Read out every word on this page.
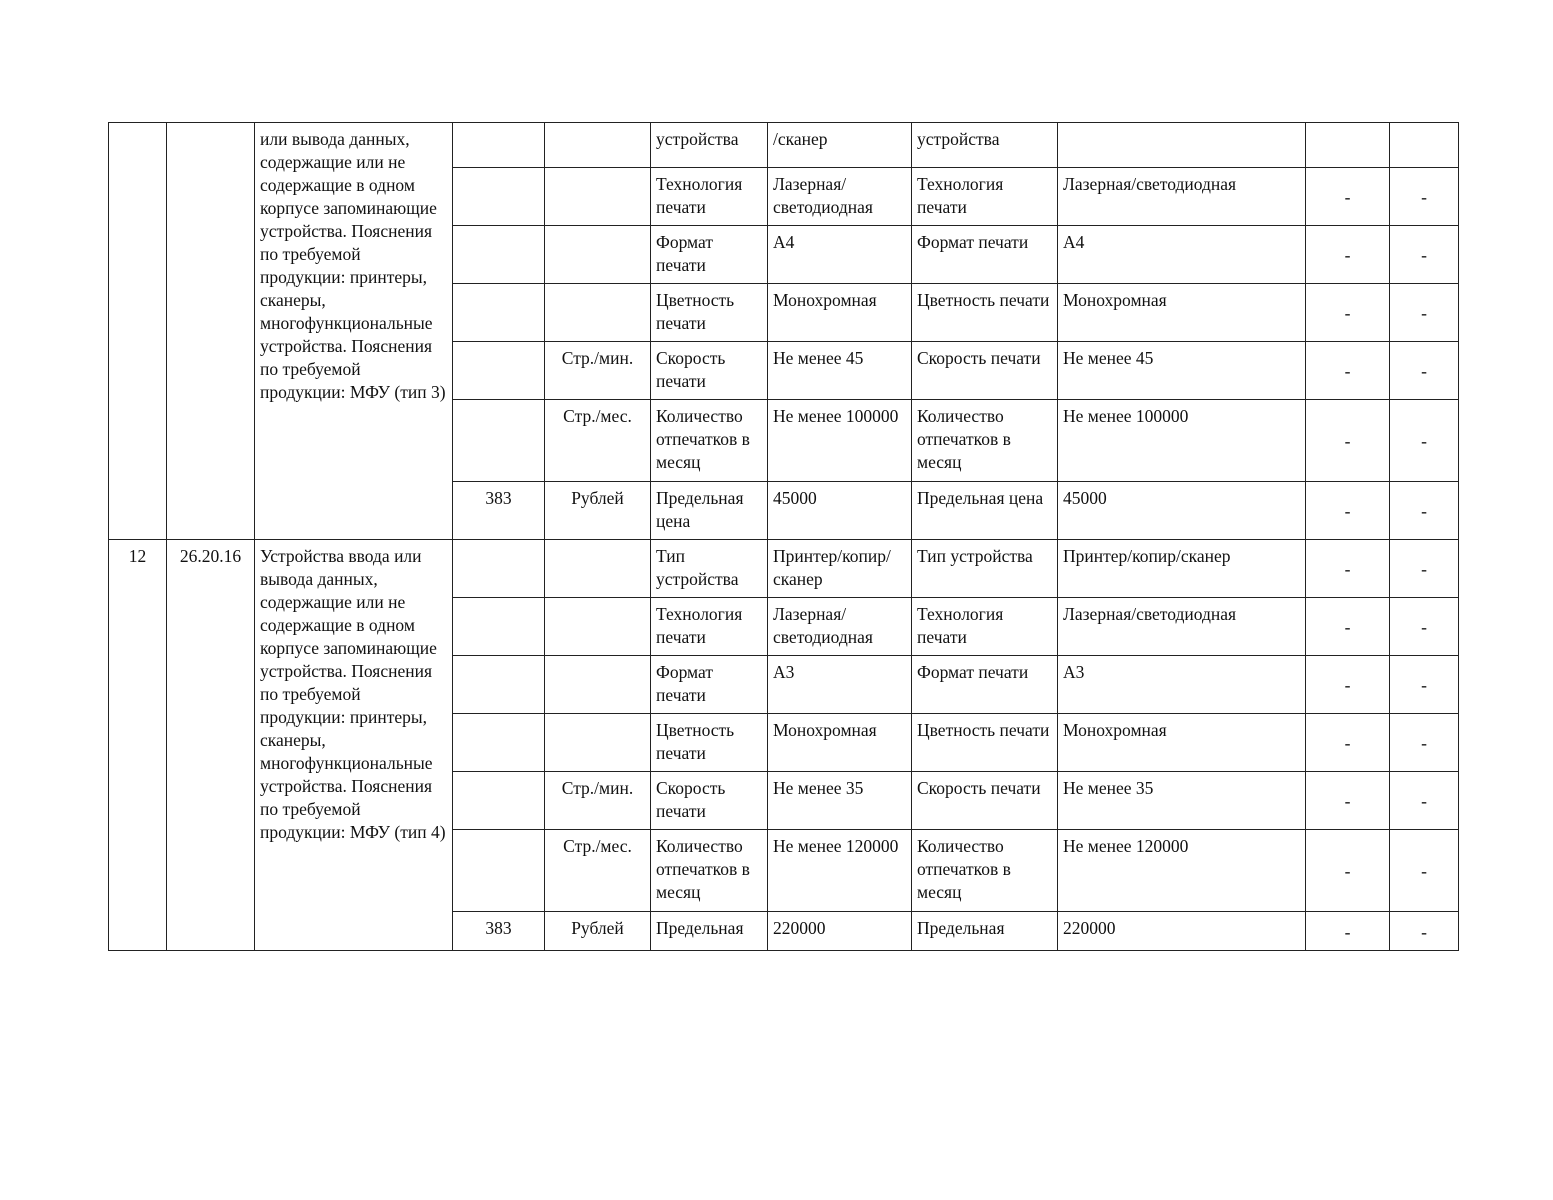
		или вывода данных, содержащие или не содержащие в одном корпусе запоминающие устройства. Пояснения по требуемой продукции: принтеры, сканеры, многофункциональные устройства. Пояснения по требуемой продукции: МФУ (тип 3)			устройства	/сканер	устройства			
					Технология печати	Лазерная/светодиодная	Технология печати	Лазерная/светодиодная	-	-
					Формат печати	А4	Формат печати	А4	-	-
					Цветность печати	Монохромная	Цветность печати	Монохромная	-	-
				Стр./мин.	Скорость печати	Не менее 45	Скорость печати	Не менее 45	-	-
				Стр./мес.	Количество отпечатков в месяц	Не менее 100000	Количество отпечатков в месяц	Не менее 100000	-	-
			383	Рублей	Предельная цена	45000	Предельная цена	45000	-	-
12	26.20.16	Устройства ввода или вывода данных, содержащие или не содержащие в одном корпусе запоминающие устройства. Пояснения по требуемой продукции: принтеры, сканеры, многофункциональные устройства. Пояснения по требуемой продукции: МФУ (тип 4)			Тип устройства	Принтер/копир/сканер	Тип устройства	Принтер/копир/сканер	-	-
					Технология печати	Лазерная/светодиодная	Технология печати	Лазерная/светодиодная	-	-
					Формат печати	А3	Формат печати	А3	-	-
					Цветность печати	Монохромная	Цветность печати	Монохромная	-	-
				Стр./мин.	Скорость печати	Не менее 35	Скорость печати	Не менее 35	-	-
				Стр./мес.	Количество отпечатков в месяц	Не менее 120000	Количество отпечатков в месяц	Не менее 120000	-	-
			383	Рублей	Предельная	220000	Предельная	220000	-	-
